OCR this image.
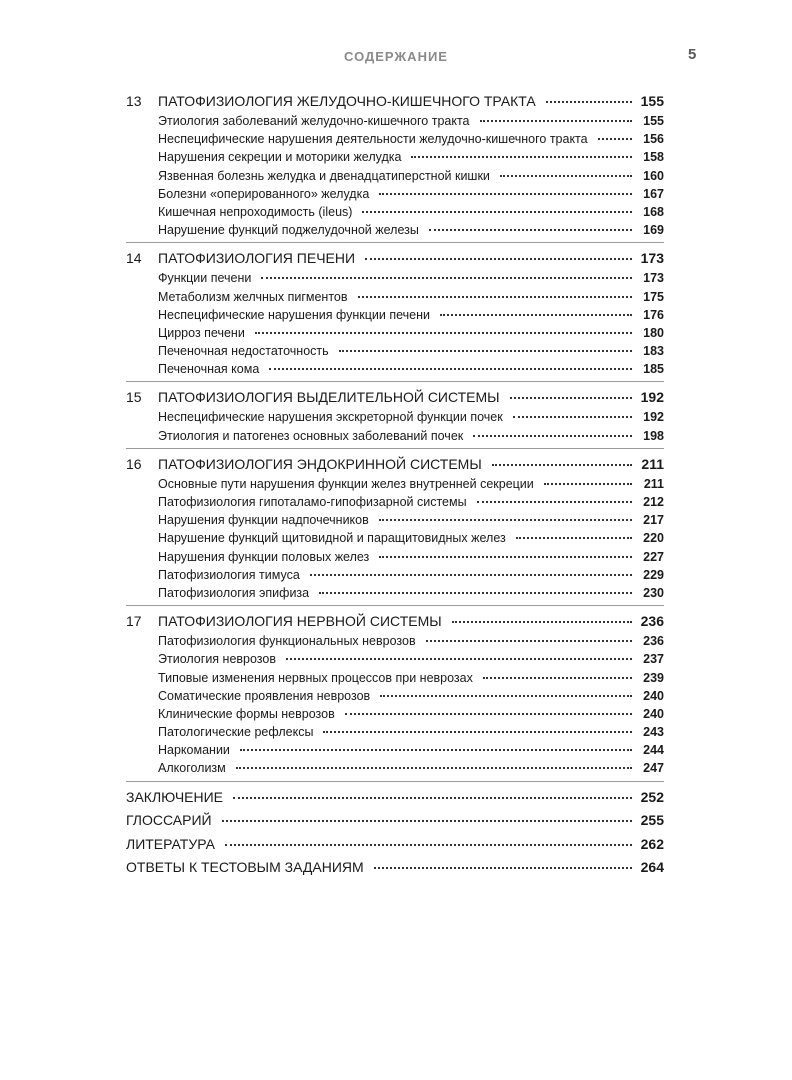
СОДЕРЖАНИЕ	5
13	ПАТОФИЗИОЛОГИЯ ЖЕЛУДОЧНО-КИШЕЧНОГО ТРАКТА	155
Этиология заболеваний желудочно-кишечного тракта	155
Неспецифические нарушения деятельности желудочно-кишечного тракта	156
Нарушения секреции и моторики желудка	158
Язвенная болезнь желудка и двенадцатиперстной кишки	160
Болезни «оперированного» желудка	167
Кишечная непроходимость (ileus)	168
Нарушение функций поджелудочной железы	169
14	ПАТОФИЗИОЛОГИЯ ПЕЧЕНИ	173
Функции печени	173
Метаболизм желчных пигментов	175
Неспецифические нарушения функции печени	176
Цирроз печени	180
Печеночная недостаточность	183
Печеночная кома	185
15	ПАТОФИЗИОЛОГИЯ ВЫДЕЛИТЕЛЬНОЙ СИСТЕМЫ	192
Неспецифические нарушения экскреторной функции почек	192
Этиология и патогенез основных заболеваний почек	198
16	ПАТОФИЗИОЛОГИЯ ЭНДОКРИННОЙ СИСТЕМЫ	211
Основные пути нарушения функции желез внутренней секреции	211
Патофизиология гипоталамо-гипофизарной системы	212
Нарушения функции надпочечников	217
Нарушение функций щитовидной и паращитовидных желез	220
Нарушения функции половых желез	227
Патофизиология тимуса	229
Патофизиология эпифиза	230
17	ПАТОФИЗИОЛОГИЯ НЕРВНОЙ СИСТЕМЫ	236
Патофизиология функциональных неврозов	236
Этиология неврозов	237
Типовые изменения нервных процессов при неврозах	239
Соматические проявления неврозов	240
Клинические формы неврозов	240
Патологические рефлексы	243
Наркомании	244
Алкоголизм	247
ЗАКЛЮЧЕНИЕ	252
ГЛОССАРИЙ	255
ЛИТЕРАТУРА	262
ОТВЕТЫ К ТЕСТОВЫМ ЗАДАНИЯМ	264
